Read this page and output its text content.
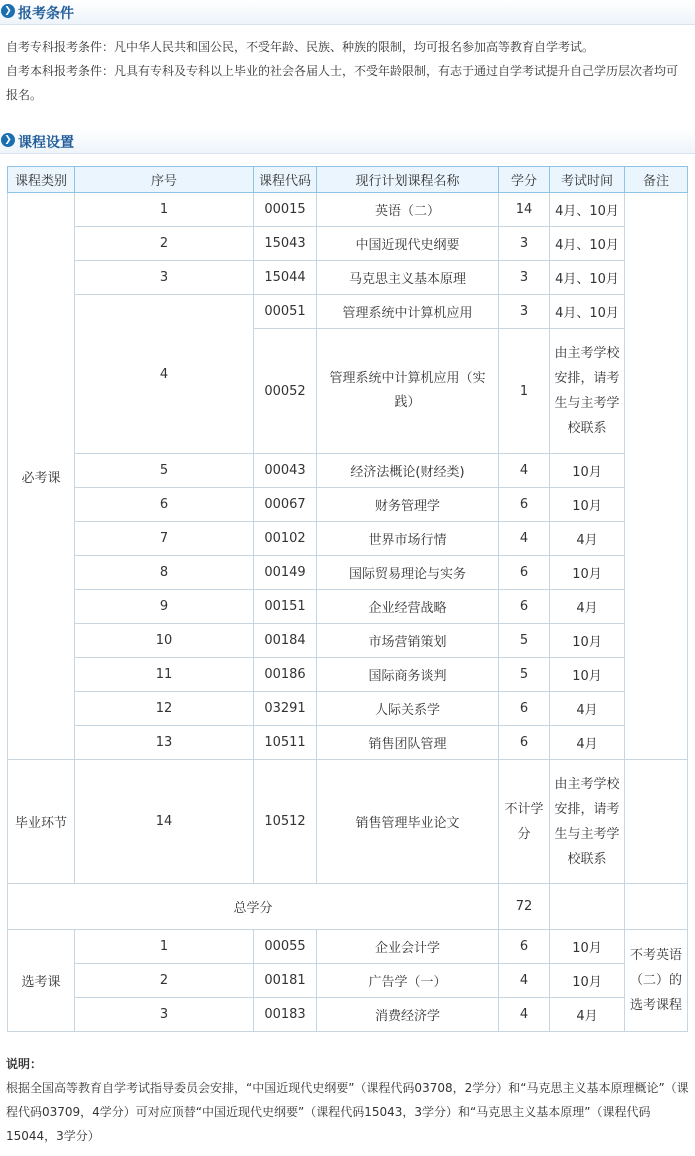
❯ 报考条件

自考专科报考条件：凡中华人民共和国公民，不受年龄、民族、种族的限制，均可报名参加高等教育自学考试。

自考本科报考条件：凡具有专科及专科以上毕业的社会各届人士，不受年龄限制，有志于通过自学考试提升自己学历层次者均可报名。

❯ 课程设置
课程类别	序号	课程代码	现行计划课程名称	学分	考试时间	备注
必考课	1	00015	英语（二）	14	4月、10月	
	2	15043	中国近现代史纲要	3	4月、10月	
	3	15044	马克思主义基本原理	3	4月、10月	
	4	00051	管理系统中计算机应用	3	4月、10月	
		00052	管理系统中计算机应用（实践）	1	由主考学校安排，请考生与主考学校联系	
	5	00043	经济法概论(财经类)	4	10月	
	6	00067	财务管理学	6	10月	
	7	00102	世界市场行情	4	4月	
	8	00149	国际贸易理论与实务	6	10月	
	9	00151	企业经营战略	6	4月	
	10	00184	市场营销策划	5	10月	
	11	00186	国际商务谈判	5	10月	
	12	03291	人际关系学	6	4月	
	13	10511	销售团队管理	6	4月	
毕业环节	14	10512	销售管理毕业论文	不计学分	由主考学校安排，请考生与主考学校联系	
总学分				72		
选考课	1	00055	企业会计学	6	10月	不考英语（二）的选考课程
	2	00181	广告学（一）	4	10月	
	3	00183	消费经济学	4	4月	
说明：
根据全国高等教育自学考试指导委员会安排，“中国近现代史纲要”（课程代码03708，2学分）和“马克思主义基本原理概论”（课程代码03709，4学分）可对应顶替“中国近现代史纲要”（课程代码15043，3学分）和“马克思主义基本原理”（课程代码15044，3学分）
